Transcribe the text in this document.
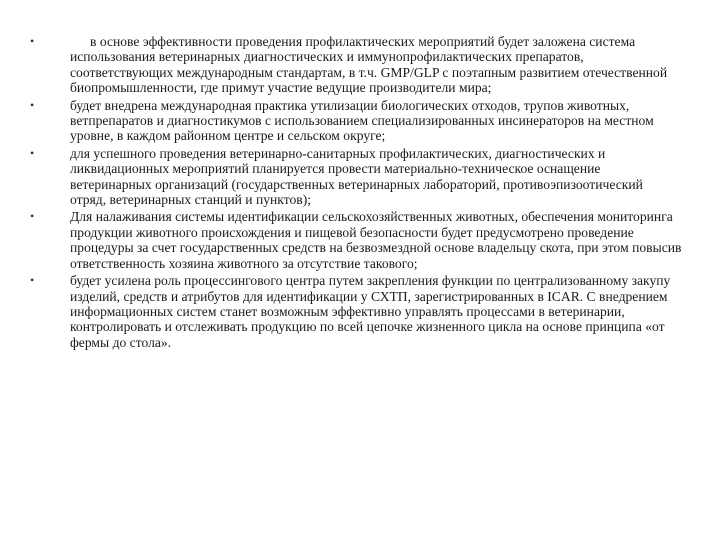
•	в основе эффективности проведения профилактических мероприятий будет заложена система использования ветеринарных диагностических и иммунопрофилактических препаратов, соответствующих международным стандартам, в т.ч. GMP/GLP с поэтапным развитием отечественной биопромышленности, где примут участие ведущие производители мира;
•	будет внедрена международная практика утилизации биологических отходов, трупов животных, ветпрепаратов и диагностикумов с использованием специализированных инсинераторов на местном уровне, в каждом районном центре и сельском округе;
•	для успешного проведения ветеринарно-санитарных профилактических, диагностических и ликвидационных мероприятий планируется провести материально-техническое оснащение ветеринарных организаций (государственных ветеринарных лабораторий, противоэпизоотический отряд, ветеринарных станций и пунктов);
•	Для налаживания системы идентификации сельскохозяйственных животных, обеспечения мониторинга продукции животного происхождения и пищевой безопасности будет предусмотрено проведение процедуры за счет государственных средств на безвозмездной основе владельцу скота, при этом повысив ответственность хозяина животного за отсутствие такового;
•	будет усилена роль процессингового центра путем закрепления функции по централизованному закупу изделий, средств и атрибутов для идентификации у СХТП, зарегистрированных в ICAR. С внедрением информационных систем станет возможным эффективно управлять процессами в ветеринарии, контролировать и отслеживать продукцию по всей цепочке жизненного цикла на основе принципа «от фермы до стола».
